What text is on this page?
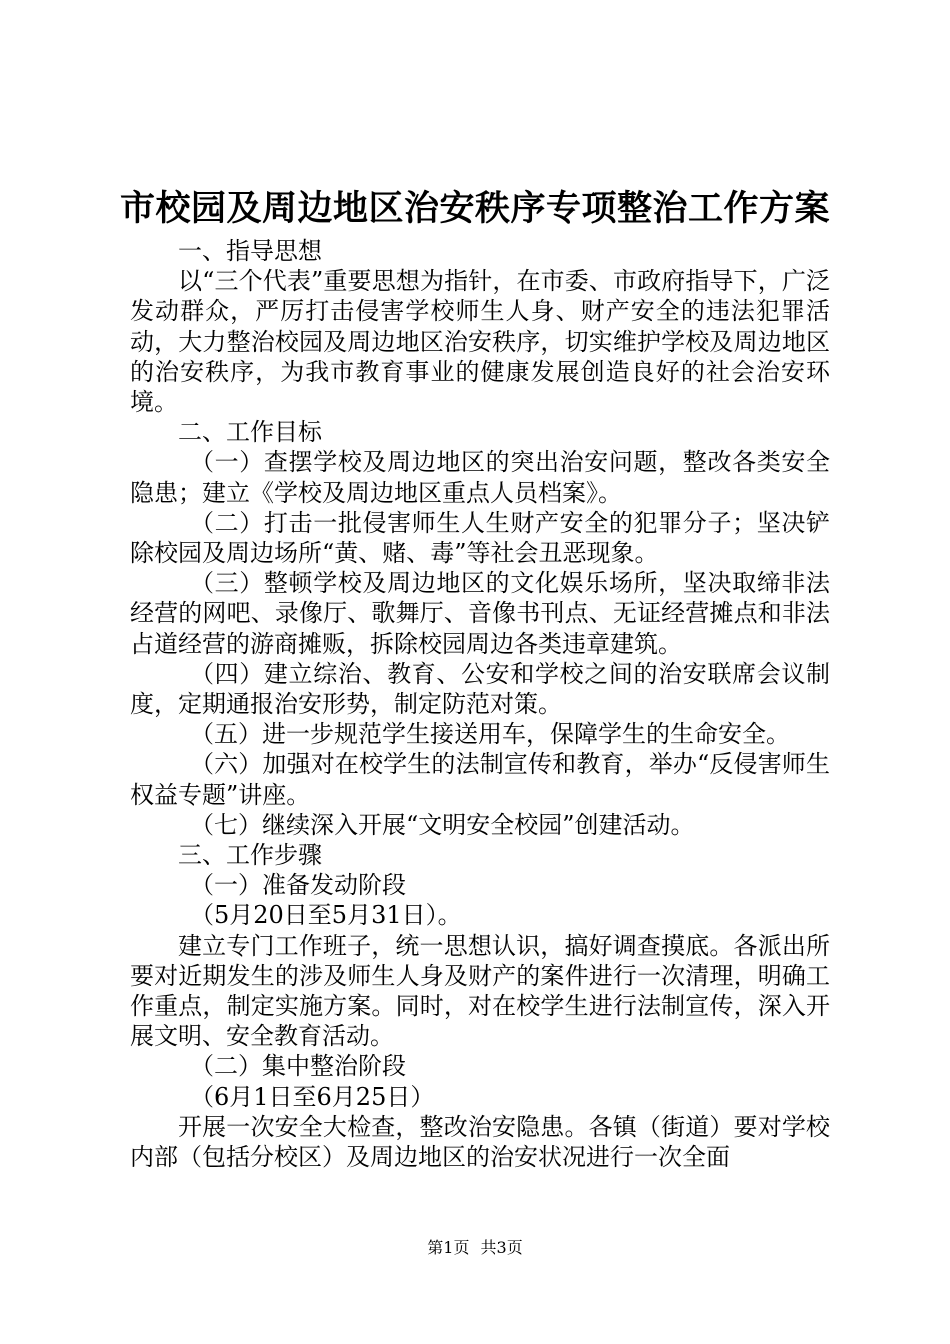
市校园及周边地区治安秩序专项整治工作方案

一、指导思想

以“三个代表”重要思想为指针，在市委、市政府指导下，广泛发动群众，严厉打击侵害学校师生人身、财产安全的违法犯罪活动，大力整治校园及周边地区治安秩序，切实维护学校及周边地区的治安秩序，为我市教育事业的健康发展创造良好的社会治安环境。

二、工作目标

（一）查摆学校及周边地区的突出治安问题，整改各类安全隐患；建立《学校及周边地区重点人员档案》。

（二）打击一批侵害师生人生财产安全的犯罪分子；坚决铲除校园及周边场所“黄、赌、毒”等社会丑恶现象。

（三）整顿学校及周边地区的文化娱乐场所，坚决取缔非法经营的网吧、录像厅、歌舞厅、音像书刊点、无证经营摊点和非法占道经营的游商摊贩，拆除校园周边各类违章建筑。

（四）建立综治、教育、公安和学校之间的治安联席会议制度，定期通报治安形势，制定防范对策。

（五）进一步规范学生接送用车，保障学生的生命安全。

（六）加强对在校学生的法制宣传和教育，举办“反侵害师生权益专题”讲座。

（七）继续深入开展“文明安全校园”创建活动。

三、工作步骤

（一）准备发动阶段

（5月20日至5月31日）。

建立专门工作班子，统一思想认识，搞好调查摸底。各派出所要对近期发生的涉及师生人身及财产的案件进行一次清理，明确工作重点，制定实施方案。同时，对在校学生进行法制宣传，深入开展文明、安全教育活动。

（二）集中整治阶段

（6月1日至6月25日）

开展一次安全大检查，整改治安隐患。各镇（街道）要对学校内部（包括分校区）及周边地区的治安状况进行一次全面

第1页 共3页
